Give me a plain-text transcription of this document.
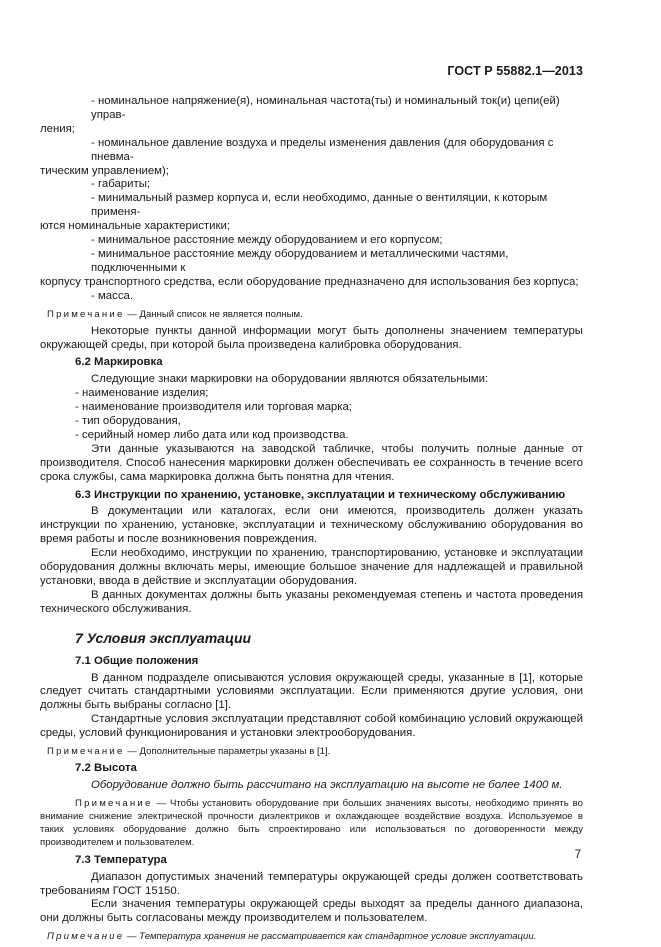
ГОСТ Р 55882.1—2013
- номинальное напряжение(я), номинальная частота(ты) и номинальный ток(и) цепи(ей) управ-
ления;
- номинальное давление воздуха и пределы изменения давления (для оборудования с пневма-
тическим управлением);
- габариты;
- минимальный размер корпуса и, если необходимо, данные о вентиляции, к которым применя-
ются номинальные характеристики;
- минимальное расстояние между оборудованием и его корпусом;
- минимальное расстояние между оборудованием и металлическими частями, подключенными к
корпусу транспортного средства, если оборудование предназначено для использования без корпуса;
- масса.
Примечание — Данный список не является полным.
Некоторые пункты данной информации могут быть дополнены значением температуры окружающей среды, при которой была произведена калибровка оборудования.
6.2 Маркировка
Следующие знаки маркировки на оборудовании являются обязательными:
- наименование изделия;
- наименование производителя или торговая марка;
- тип оборудования,
- серийный номер либо дата или код производства.
Эти данные указываются на заводской табличке, чтобы получить полные данные от производителя. Способ нанесения маркировки должен обеспечивать ее сохранность в течение всего срока службы, сама маркировка должна быть понятна для чтения.
6.3 Инструкции по хранению, установке, эксплуатации и техническому обслуживанию
В документации или каталогах, если они имеются, производитель должен указать инструкции по хранению, установке, эксплуатации и техническому обслуживанию оборудования во время работы и после возникновения повреждения.
Если необходимо, инструкции по хранению, транспортированию, установке и эксплуатации оборудования должны включать меры, имеющие большое значение для надлежащей и правильной установки, ввода в действие и эксплуатации оборудования.
В данных документах должны быть указаны рекомендуемая степень и частота проведения технического обслуживания.
7 Условия эксплуатации
7.1 Общие положения
В данном подразделе описываются условия окружающей среды, указанные в [1], которые следует считать стандартными условиями эксплуатации. Если применяются другие условия, они должны быть выбраны согласно [1].
Стандартные условия эксплуатации представляют собой комбинацию условий окружающей среды, условий функционирования и установки электрооборудования.
Примечание — Дополнительные параметры указаны в [1].
7.2 Высота
Оборудование должно быть рассчитано на эксплуатацию на высоте не более 1400 м.
Примечание — Чтобы установить оборудование при больших значениях высоты, необходимо принять во внимание снижение электрической прочности диэлектриков и охлаждающее воздействие воздуха. Используемое в таких условиях оборудование должно быть спроектировано или использоваться по договоренности между производителем и пользователем.
7.3 Температура
Диапазон допустимых значений температуры окружающей среды должен соответствовать требованиям ГОСТ 15150.
Если значения температуры окружающей среды выходят за пределы данного диапазона, они должны быть согласованы между производителем и пользователем.
Примечание — Температура хранения не рассматривается как стандартное условие эксплуатации.
7
